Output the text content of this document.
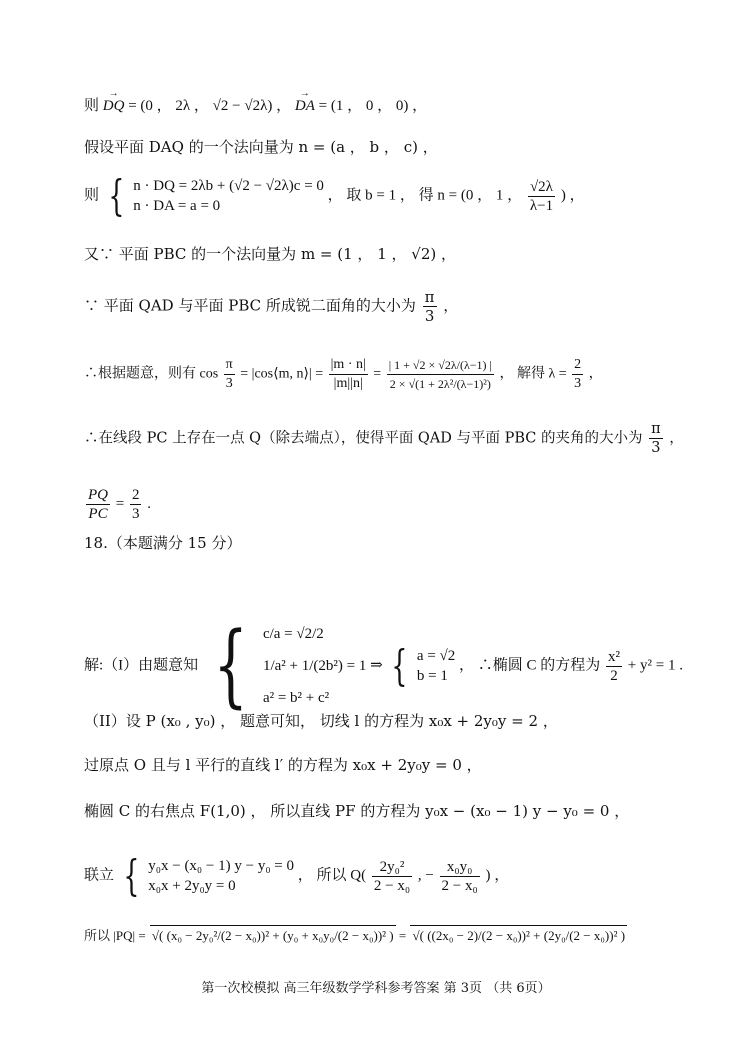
则 → DQ = (0 ， 2λ ， √2 − √2λ) ， → DA = (1 ， 0 ， 0) ，
假设平面 DAQ 的一个法向量为 n = (a ， b ， c) ，
则 { n · DQ = 2λb + (√2 − √2λ)c = 0
n · DA = a = 0
， 取 b = 1 ， 得 n = (0 ， 1 ， $\frac{√2\lambda}{\lambda-1}$ ) ，
又∵ 平面 PBC 的一个法向量为 m = (1 ， 1 ， √2) ，
∵ 平面 QAD 与平面 PBC 所成锐二面角的大小为 $\frac{\pi}{3}$ ，
∴根据题意，则有 $\cos \frac{\pi}{3}$ = |cos⟨m, n⟩| = $\frac{|m \cdot n|}{|m||n|} = \frac{| 1 + √2 \times √2\lambda/(\lambda-1) |}{\text{2 × √(1 + 2λ²/(λ−1)²)}}$ ， 解得 $\lambda = \frac{2}{3}$ ，
∴在线段 PC 上存在一点 Q（除去端点），使得平面 QAD 与平面 PBC 的夹角的大小为 $\frac{\pi}{3}$ ，
$\frac{PQ}{PC} = \frac{2}{3}$ .
18.（本题满分 15 分）
解:（I）由题意知 { c/a = √2/2
1/a² + 1/(2b²) = 1
a² = b² + c²
⇒ { a = √2
b = 1
， ∴椭圆 C 的方程为 $\frac{\text{x²}}{2} + y^2 = 1$ .
（II）设 P (x₀ , y₀) ， 题意可知， 切线 l 的方程为 x₀x + 2y₀y = 2 ，
过原点 O 且与 l 平行的直线 l′ 的方程为 x₀x + 2y₀y = 0 ，
椭圆 C 的右焦点 F(1,0) ， 所以直线 PF 的方程为 y₀x − (x₀ − 1) y − y₀ = 0 ，
联立 { y₀x − (x₀ − 1) y − y₀ = 0
x₀x + 2y₀y = 0
， 所以 $Q( \frac{\text{2y₀²}}{\text{2 − x₀}}$ , − $\frac{\text{x₀y₀}}{\text{2 − x₀}}$ ) ，
所以 |PQ| = √( (x₀ − 2y₀²/(2 − x₀))² + (y₀ + x₀y₀/(2 − x₀))² ) = √( ((2x₀ − 2)/(2 − x₀))² + (2y₀/(2 − x₀))² )
第一次校模拟 高三年级数学学科参考答案 第 3页 （共 6页）
